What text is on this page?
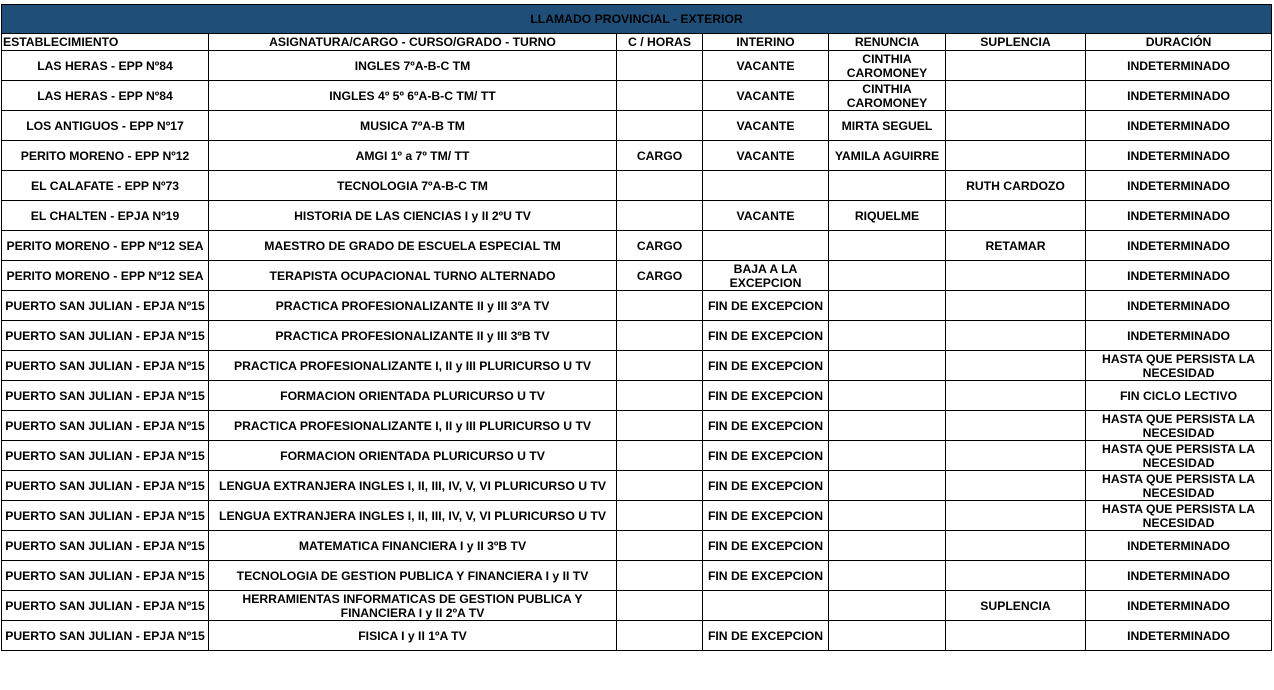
LLAMADO PROVINCIAL - EXTERIOR						
ESTABLECIMIENTO	ASIGNATURA/CARGO - CURSO/GRADO - TURNO	C / HORAS	INTERINO	RENUNCIA	SUPLENCIA	DURACIÓN
LAS HERAS - EPP Nº84	INGLES 7ºA-B-C TM		VACANTE	CINTHIA CAROMONEY		INDETERMINADO
LAS HERAS - EPP Nº84	INGLES 4º 5º 6ºA-B-C TM/ TT		VACANTE	CINTHIA CAROMONEY		INDETERMINADO
LOS ANTIGUOS - EPP Nº17	MUSICA 7ºA-B TM		VACANTE	MIRTA SEGUEL		INDETERMINADO
PERITO MORENO - EPP Nº12	AMGI 1º a 7º TM/ TT	CARGO	VACANTE	YAMILA AGUIRRE		INDETERMINADO
EL CALAFATE - EPP Nº73	TECNOLOGIA 7ºA-B-C TM				RUTH CARDOZO	INDETERMINADO
EL CHALTEN - EPJA Nº19	HISTORIA DE LAS CIENCIAS I y II 2ºU TV		VACANTE	RIQUELME		INDETERMINADO
PERITO MORENO - EPP Nº12 SEA	MAESTRO DE GRADO DE ESCUELA ESPECIAL TM	CARGO			RETAMAR	INDETERMINADO
PERITO MORENO - EPP Nº12 SEA	TERAPISTA OCUPACIONAL TURNO ALTERNADO	CARGO	BAJA A LA EXCEPCION			INDETERMINADO
PUERTO SAN JULIAN - EPJA Nº15	PRACTICA PROFESIONALIZANTE II y III 3ºA TV		FIN DE EXCEPCION			INDETERMINADO
PUERTO SAN JULIAN - EPJA Nº15	PRACTICA PROFESIONALIZANTE II y III 3ºB TV		FIN DE EXCEPCION			INDETERMINADO
PUERTO SAN JULIAN - EPJA Nº15	PRACTICA PROFESIONALIZANTE I, II y III PLURICURSO U TV		FIN DE EXCEPCION			HASTA QUE PERSISTA LA NECESIDAD
PUERTO SAN JULIAN - EPJA Nº15	FORMACION ORIENTADA PLURICURSO U TV		FIN DE EXCEPCION			FIN CICLO LECTIVO
PUERTO SAN JULIAN - EPJA Nº15	PRACTICA PROFESIONALIZANTE I, II y III PLURICURSO U TV		FIN DE EXCEPCION			HASTA QUE PERSISTA LA NECESIDAD
PUERTO SAN JULIAN - EPJA Nº15	FORMACION ORIENTADA PLURICURSO U TV		FIN DE EXCEPCION			HASTA QUE PERSISTA LA NECESIDAD
PUERTO SAN JULIAN - EPJA Nº15	LENGUA EXTRANJERA INGLES I, II, III, IV, V, VI PLURICURSO U TV		FIN DE EXCEPCION			HASTA QUE PERSISTA LA NECESIDAD
PUERTO SAN JULIAN - EPJA Nº15	LENGUA EXTRANJERA INGLES I, II, III, IV, V, VI PLURICURSO U TV		FIN DE EXCEPCION			HASTA QUE PERSISTA LA NECESIDAD
PUERTO SAN JULIAN - EPJA Nº15	MATEMATICA FINANCIERA I y II 3ºB TV		FIN DE EXCEPCION			INDETERMINADO
PUERTO SAN JULIAN - EPJA Nº15	TECNOLOGIA DE GESTION PUBLICA Y FINANCIERA I y II TV		FIN DE EXCEPCION			INDETERMINADO
PUERTO SAN JULIAN - EPJA Nº15	HERRAMIENTAS INFORMATICAS DE GESTION PUBLICA Y FINANCIERA I y II 2ºA TV				SUPLENCIA	INDETERMINADO
PUERTO SAN JULIAN - EPJA Nº15	FISICA I y II 1ºA TV		FIN DE EXCEPCION			INDETERMINADO
